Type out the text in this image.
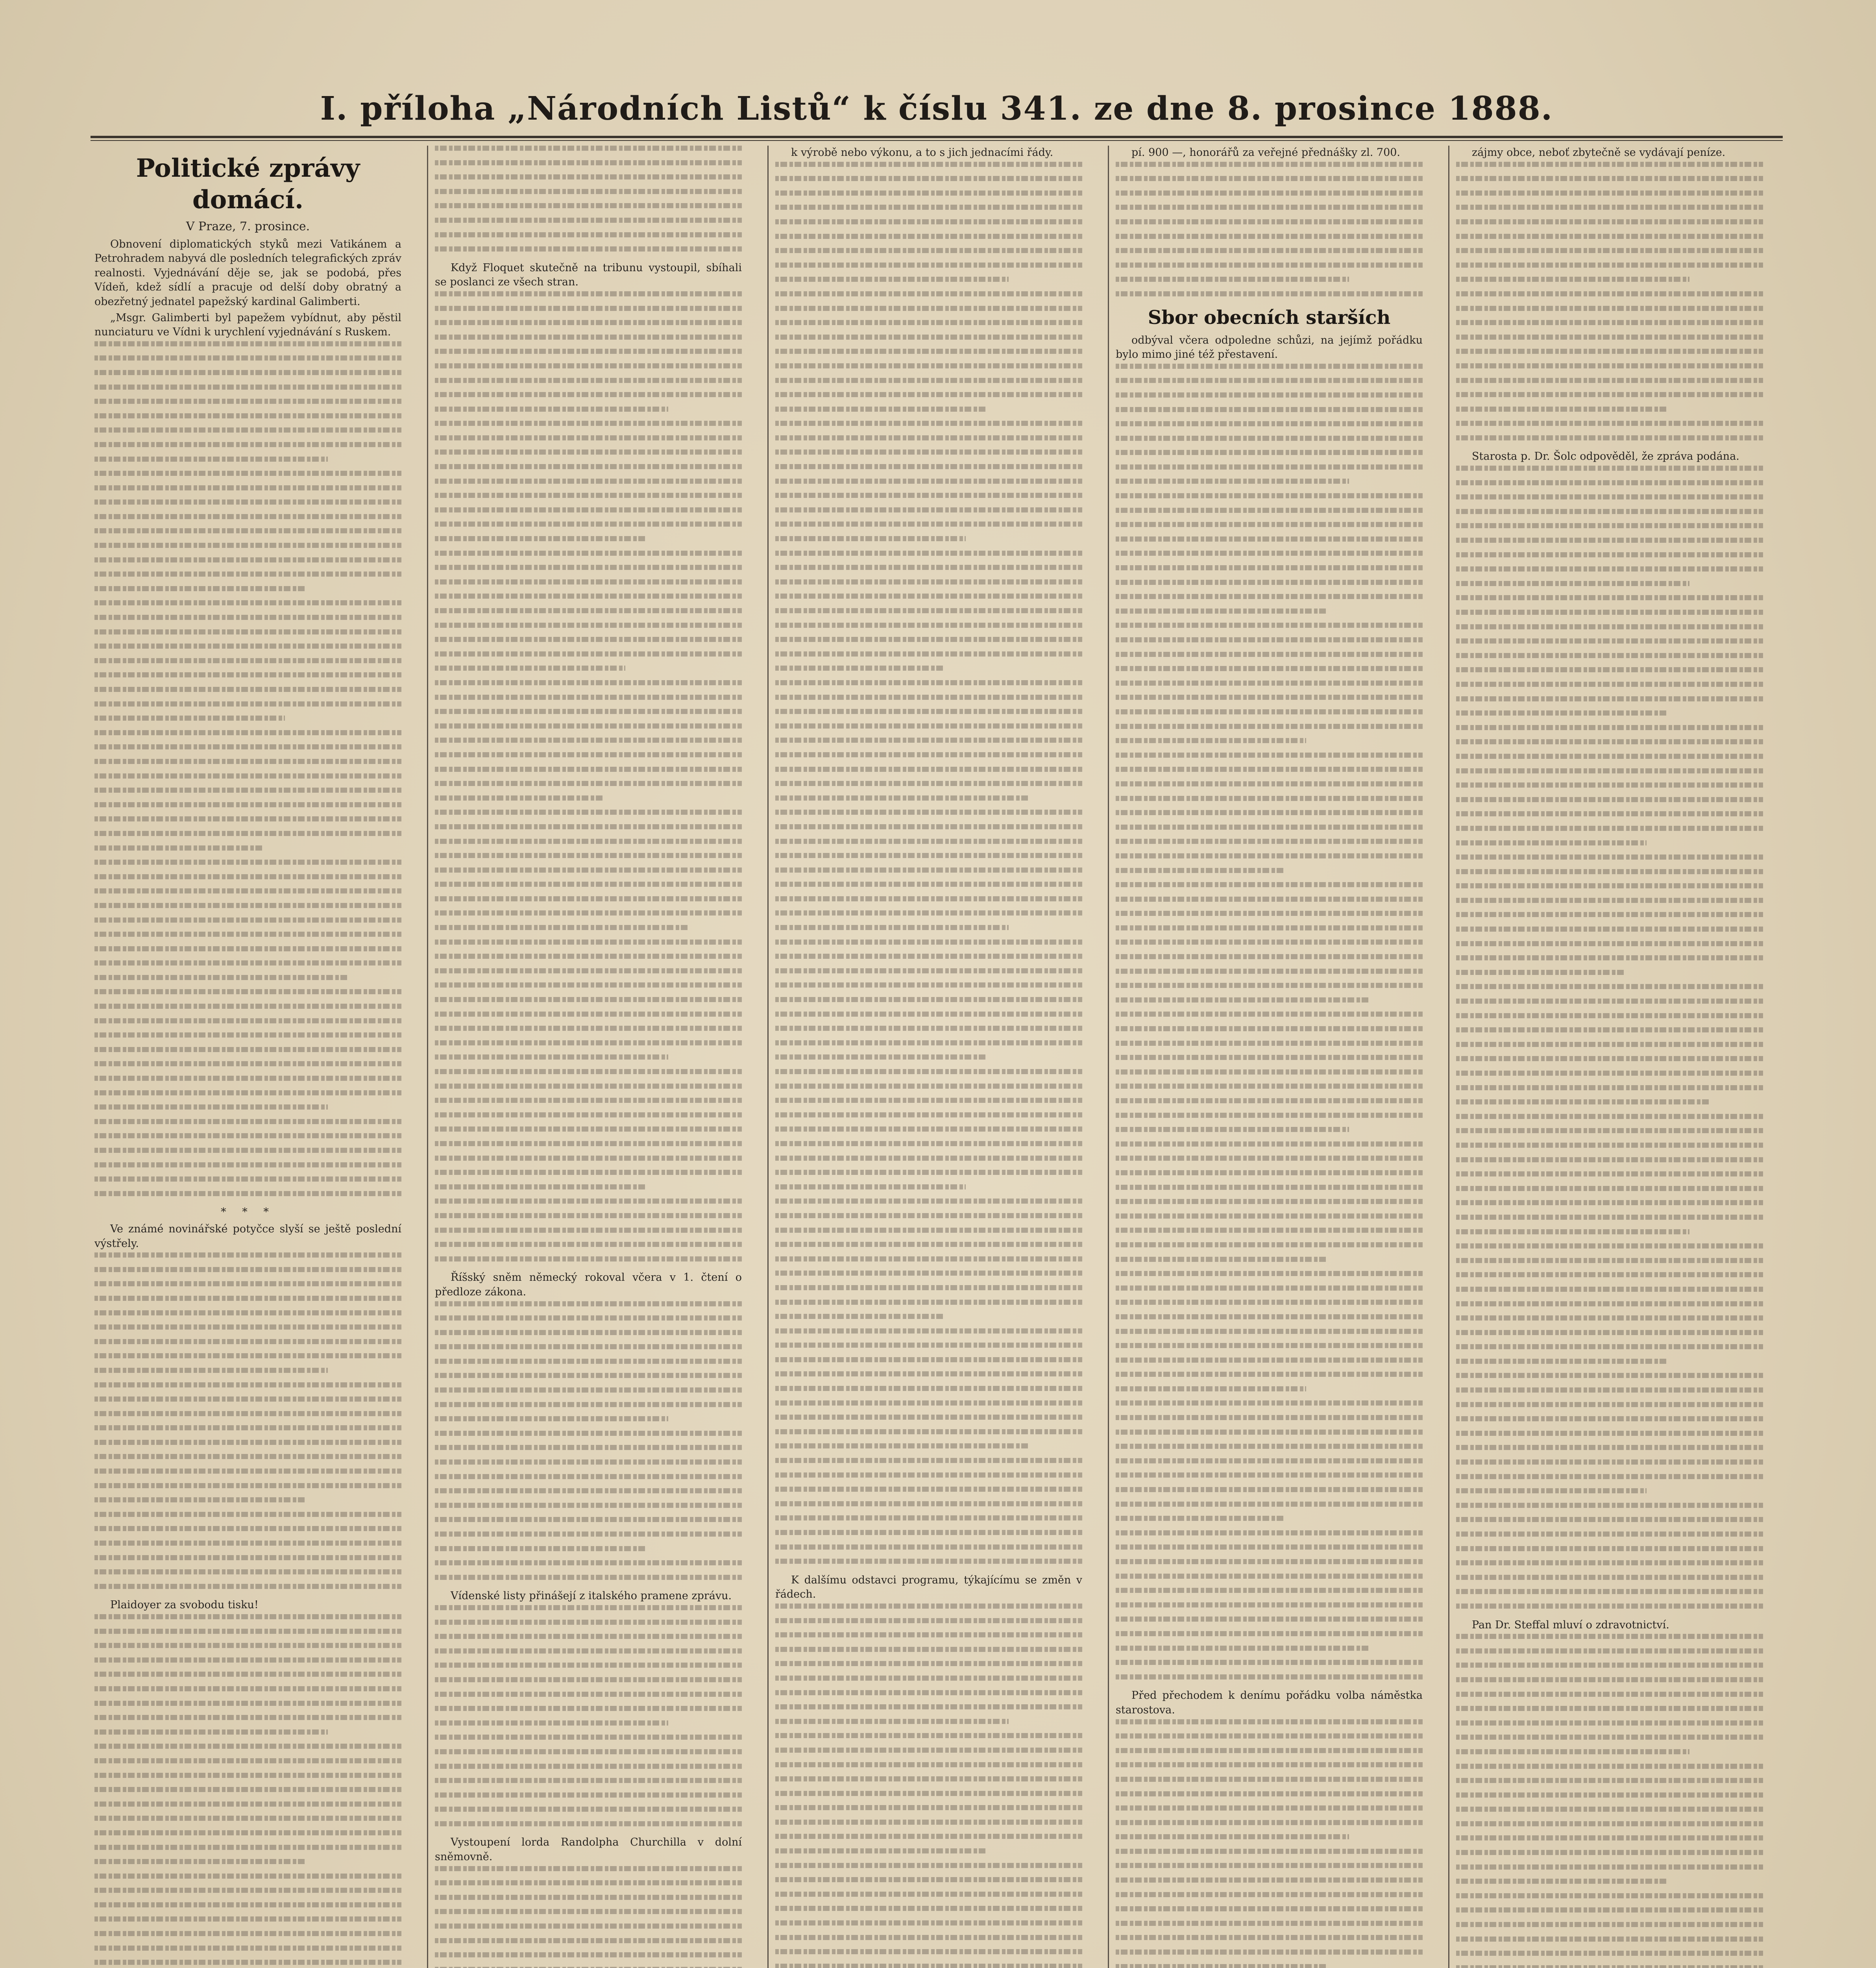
I. příloha „Národních Listů“ k číslu 341. ze dne 8. prosince 1888.
Politické zprávy domácí.
V Praze, 7. prosince.

Obnovení diplomatických styků mezi Vatikánem a Petrohradem nabyvá dle posledních telegrafických zpráv realnosti. Vyjednávání děje se, jak se podobá, přes Vídeň, kdež sídlí a pracuje od delší doby obratný a obezřetný jednatel papežský kardinal Galimberti.

„Msgr. Galimberti byl papežem vybídnut, aby pěstil nunciaturu ve Vídni k urychlení vyjednávání s Ruskem.

* * *

Ve známé novinářské potyčce slyší se ještě poslední výstřely.

Plaidoyer za svobodu tisku!

Když Floquet skutečně na tribunu vystoupil, sbíhali se poslanci ze všech stran.

Říšský sněm německý rokoval včera v 1. čtení o předloze zákona.

Vídenské listy přinášejí z italského pramene zprávu.

Vystoupení lorda Randolpha Churchilla v dolní sněmovně.

k výrobě nebo výkonu, a to s jich jednacími řády.

K dalšímu odstavci programu, týkajícímu se změn v řádech.

pí. 900 —, honorářů za veřejné přednášky zl. 700.

Sbor obecních starších

odbýval včera odpoledne schůzi, na jejímž pořádku bylo mimo jiné též přestavení.

Před přechodem k denímu pořádku volba náměstka starostova.

zájmy obce, neboť zbytečně se vydávají peníze.

Starosta p. Dr. Šolc odpověděl, že zpráva podána.

Pan Dr. Steffal mluví o zdravotnictví.
